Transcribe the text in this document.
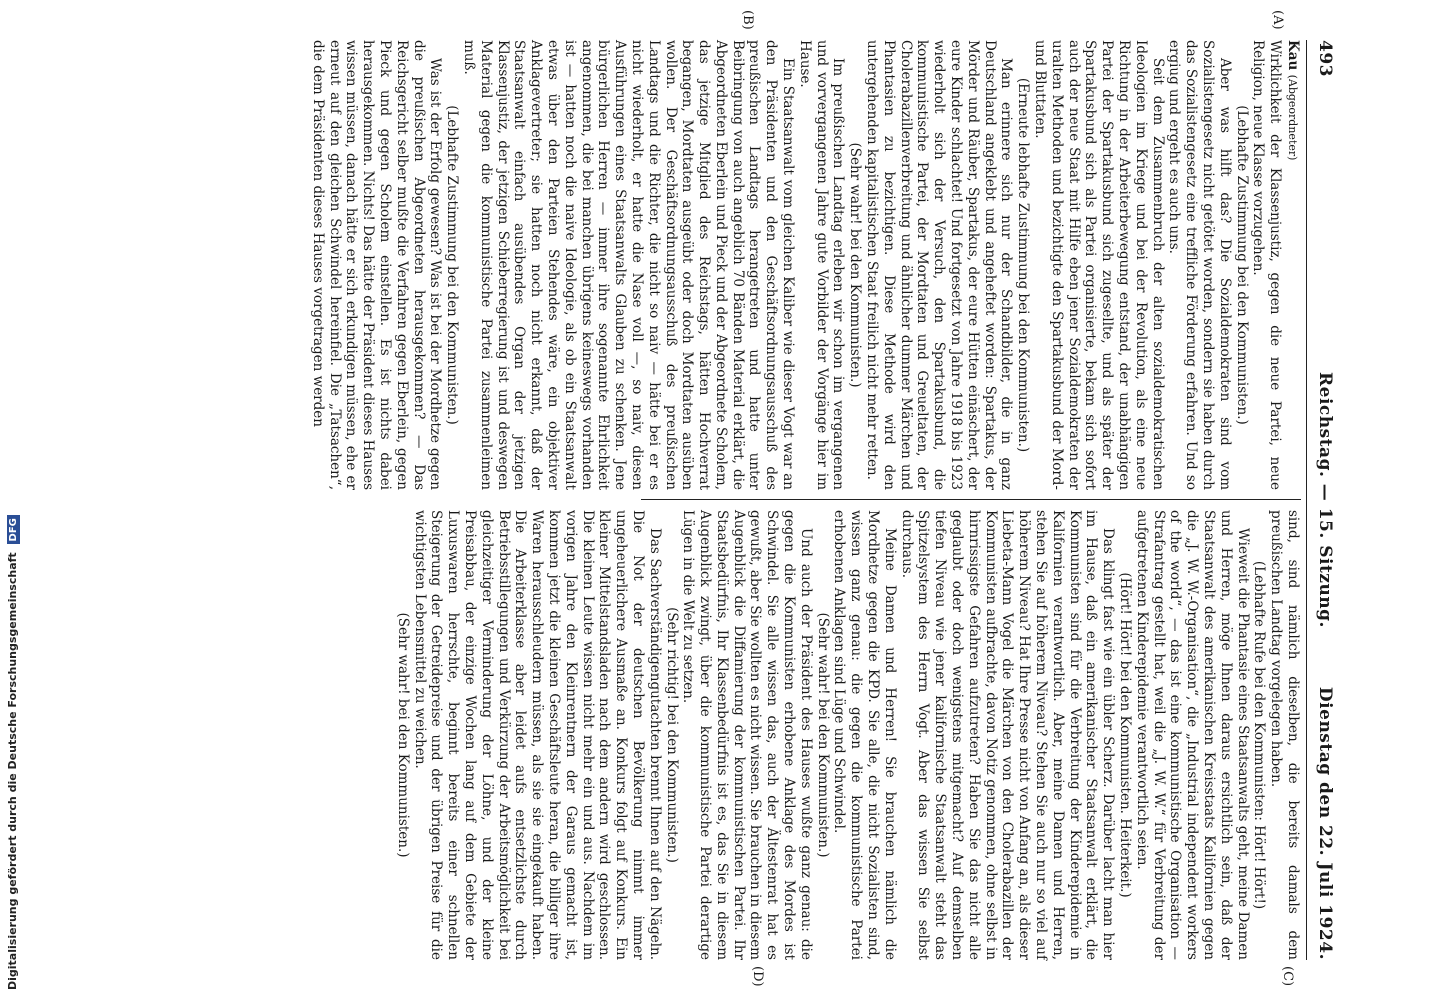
Digitalisierung gefördert durch die Deutsche Forschungsgemeinschaft DFG
493
Reichstag. — 15. Sitzung.
Dienstag den 22. Juli 1924.
(A)
(B)
(C)
(D)

Kau (Abgeordneter)

Wirklichkeit der Klassenjustiz, gegen die neue Partei, neue Religion, neue Klasse vorzugehen.

(Lebhafte Zustimmung bei den Kommunisten.)

Aber was hilft das? Die Sozialdemokraten sind vom Sozialistengesetz nicht getötet worden, sondern sie haben durch das Sozialistengesetz eine treffliche Förderung erfahren. Und so ergiug und ergeht es auch uns.

Seit dem Zusammenbruch der alten sozialdemokratischen Ideologien im Kriege und bei der Revolution, als eine neue Richtung in der Arbeiterbewegung entstand, der unabhängigen Partei der Spartakusbund sich zugesellte, und als später der Spartakusbund sich als Partei organisierte, bekam sich sofort auch der neue Staat mit Hilfe eben jener Sozialdemokraten der uralten Methoden und bezichtigte den Spartakusbund der Mord- und Bluttaten.

(Erneute lebhafte Zustimmung bei den Kommunisten.)

Man erinnere sich nur der Schandbilder, die in ganz Deutschland angeklebt und angeheftet worden: Spartakus, der Mörder und Räuber, Spartakus, der eure Hütten einäschert, der eure Kinder schlachtet! Und fortgesetzt von Jahre 1918 bis 1923 wiederholt sich der Versuch, den Spartakusbund, die kommunistische Partei, der Mordtaten und Greueltaten, der Cholerabazillenverbreitung und ähnlicher dummer Märchen und Phantasien zu bezichtigen. Diese Methode wird den untergehenden kapitalistischen Staat freilich nicht mehr retten.

(Sehr wahr! bei den Kommunisten.)

Im preußischen Landtag erleben wir schon im vergangenen und vorvergangenen Jahre gute Vorbilder der Vorgänge hier im Hause.

Ein Staatsanwalt vom gleichen Kaliber wie dieser Vogt war an den Präsidenten und den Geschäftsordnungsausschuß des preußischen Landtags herangetreten und hatte unter Beibringung von auch angeblich 70 Bänden Material erklärt, die Abgeordneten Eberlein und Pieck und der Abgeordnete Scholem, das jetzige Mitglied des Reichstags, hätten Hochverrat begangen, Mordtaten ausgeübt oder doch Mordtaten ausüben wollen. Der Geschäftsordnungsausschuß des preußischen Landtags und die Richter, die nicht so naiv — hätte bei er es nicht wiederholt, er hatte die Nase voll —, so naiv, diesen Ausführungen eines Staatsanwalts Glauben zu schenken. Jene bürgerlichen Herren — immer ihre sogenannte Ehrlichkeit angenommen, die bei manchen übrigens keineswegs vorhanden ist — hatten noch die naive Ideologie, als ob ein Staatsanwalt etwas über den Parteien Stehendes wäre, ein objektiver Anklagevertreter; sie hatten noch nicht erkannt, daß der Staatsanwalt einfach ausübendes Organ der jetzigen Klassenjustiz, der jetzigen Schieberregierung ist und deswegen Material gegen die kommunistische Partei zusammenleimen muß.

(Lebhafte Zustimmung bei den Kommunisten.)

Was ist der Erfolg gewesen? Was ist bei der Mordhetze gegen die preußischen Abgeordneten herausgekommen? — Das Reichsgericht selber mußte die Verfahren gegen Eberlein, gegen Pieck und gegen Scholem einstellen. Es ist nichts dabei herausgekommen. Nichts! Das hätte der Präsident dieses Hauses wissen müssen, danach hätte er sich erkundigen müssen, ehe er erneut auf den gleichen Schwindel hereinfiel. Die „Tatsachen“, die dem Präsidenten dieses Hauses vorgetragen werden

sind, sind nämlich dieselben, die bereits damals dem preußischen Landtag vorgelegen haben.

(Lebhafte Rufe bei den Kommunisten: Hört! Hört!)

Wieweit die Phantasie eines Staatsanwalts geht, meine Damen und Herren, möge Ihnen daraus ersichtlich sein, daß der Staatsanwalt des amerikanischen Kreisstaats Kalifornien gegen die „J. W. W.-Organisation“, die „Industrial independent workers of the world“, — das ist eine kommunistische Organisation — Strafantrag gestellt hat, weil die „J. W. W.“ für Verbreitung der aufgetretenen Kinderepidemie verantwortlich seien.

(Hört! Hört! bei den Kommunisten. Heiterkeit.)

Das klingt fast wie ein übler Scherz. Darüber lacht man hier im Hause, daß ein amerikanischer Staatsanwalt erklärt, die Kommunisten sind für die Verbreitung der Kinderepidemie in Kalifornien verantwortlich. Aber, meine Damen und Herren, stehen Sie auf höherem Niveau? Stehen Sie auch nur so viel auf höherem Niveau? Hat Ihre Presse nicht von Anfang an, als dieser Liebeta-Mann Vogel die Märchen von den Cholerabazillen der Kommunisten aufbrachte, davon Notiz genommen, ohne selbst in hirnrissigste Gefahren aufzutreten? Haben Sie das nicht alle geglaubt oder doch wenigstens mitgemacht? Auf demselben tiefen Niveau wie jener kalifornische Staatsanwalt steht das Spitzelsystem des Herrn Vogt. Aber das wissen Sie selbst durchaus.

Meine Damen und Herren! Sie brauchen nämlich die Mordhetze gegen die KPD. Sie alle, die nicht Sozialisten sind, wissen ganz genau: die gegen die kommunistische Partei erhobenen Anklagen sind Lüge und Schwindel.

(Sehr wahr! bei den Kommunisten.)

Und auch der Präsident des Hauses wußte ganz genau: die gegen die Kommunisten erhobene Anklage des Mordes ist Schwindel. Sie alle wissen das, auch der Ältestenrat hat es gewußt, aber Sie wollten es nicht wissen. Sie brauchen in diesem Augenblick die Diffamierung der kommunistischen Partei. Ihr Staatsbedürfnis, Ihr Klassenbedürfnis ist es, das Sie in diesem Augenblick zwingt, über die kommunistische Partei derartige Lügen in die Welt zu setzen.

(Sehr richtig! bei den Kommunisten.)

Das Sachverständigengutachten brennt Ihnen auf den Nägeln. Die Not der deutschen Bevölkerung nimmt immer ungeheuerlichere Ausmaße an. Konkurs folgt auf Konkurs. Ein kleiner Mittelstandsladen nach dem andern wird geschlossen. Die kleinen Leute wissen nicht mehr ein und aus. Nachdem im vorigen Jahre den Kleinrentnern der Garaus gemacht ist, kommen jetzt die kleinen Geschäftsleute heran, die billiger ihre Waren herausschleudern müssen, als sie sie eingekauft haben. Die Arbeiterklasse aber leidet aufs entsetzlichste durch Betriebsstillegungen und Verkürzung der Arbeitsmöglichkeit bei gleichzeitiger Verminderung der Löhne, und der kleine Preisabbau, der einzige Wochen lang auf dem Gebiete der Luxuswaren herrschte, beginnt bereits einer schnellen Steigerung der Getreidepreise und der übrigen Preise für die wichtigsten Lebensmittel zu weichen.

(Sehr wahr! bei den Kommunisten.)
